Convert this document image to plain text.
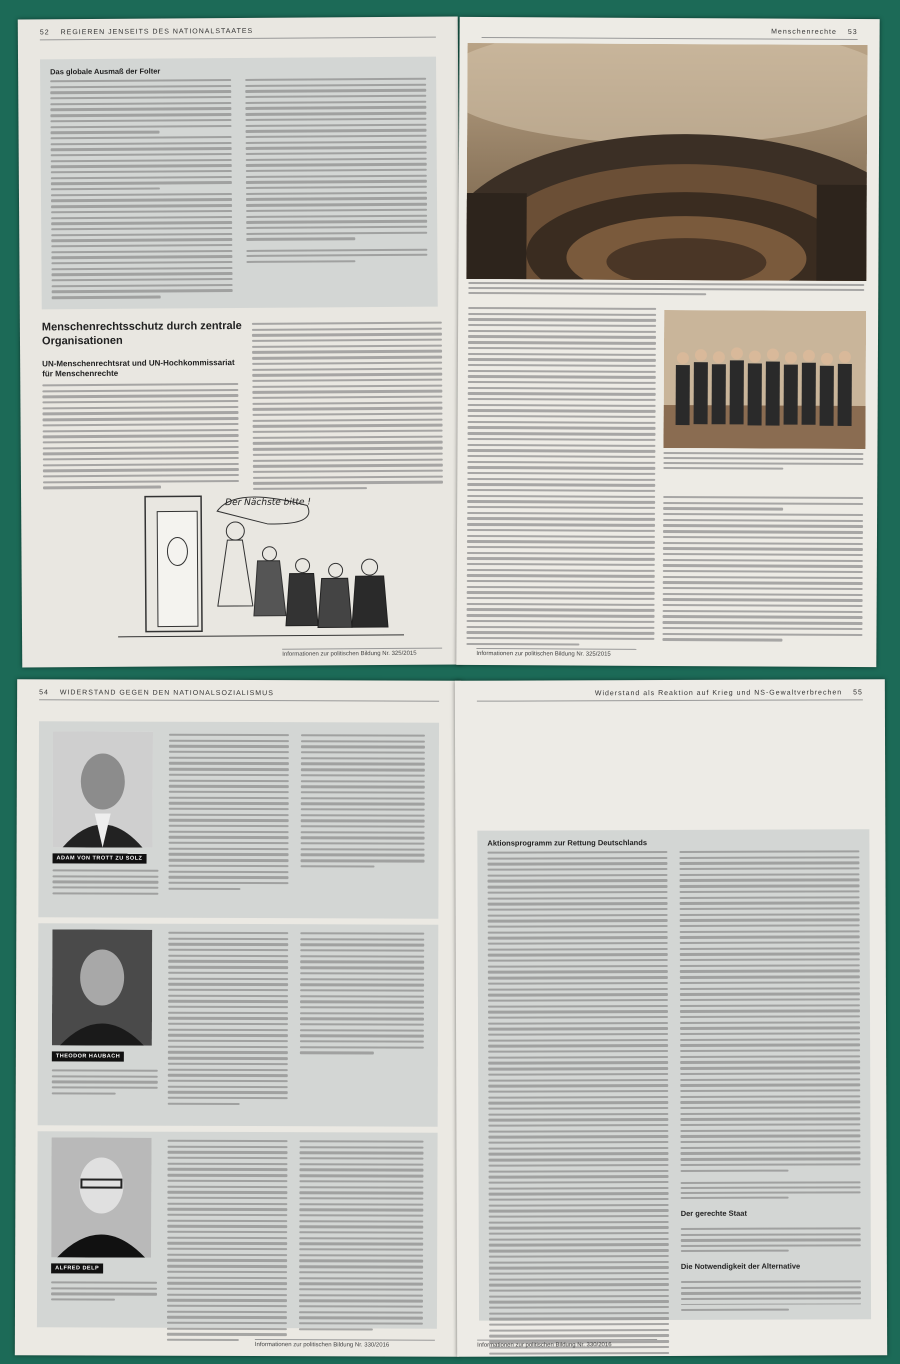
52 REGIEREN JENSEITS DES NATIONALSTAATES
Das globale Ausmaß der Folter
Menschenrechtsschutz durch zentrale Organisationen
UN-Menschenrechtsrat und UN-Hochkommissariat für Menschenrechte
Der Nächste bitte !
Informationen zur politischen Bildung Nr. 325/2015
Menschenrechte 53
Informationen zur politischen Bildung Nr. 325/2015
54 WIDERSTAND GEGEN DEN NATIONALSOZIALISMUS
ADAM VON TROTT ZU SOLZ
THEODOR HAUBACH
ALFRED DELP
Informationen zur politischen Bildung Nr. 330/2016
Widerstand als Reaktion auf Krieg und NS-Gewaltverbrechen 55
Aktionsprogramm zur Rettung Deutschlands
Der gerechte Staat
Die Notwendigkeit der Alternative
Informationen zur politischen Bildung Nr. 330/2016
